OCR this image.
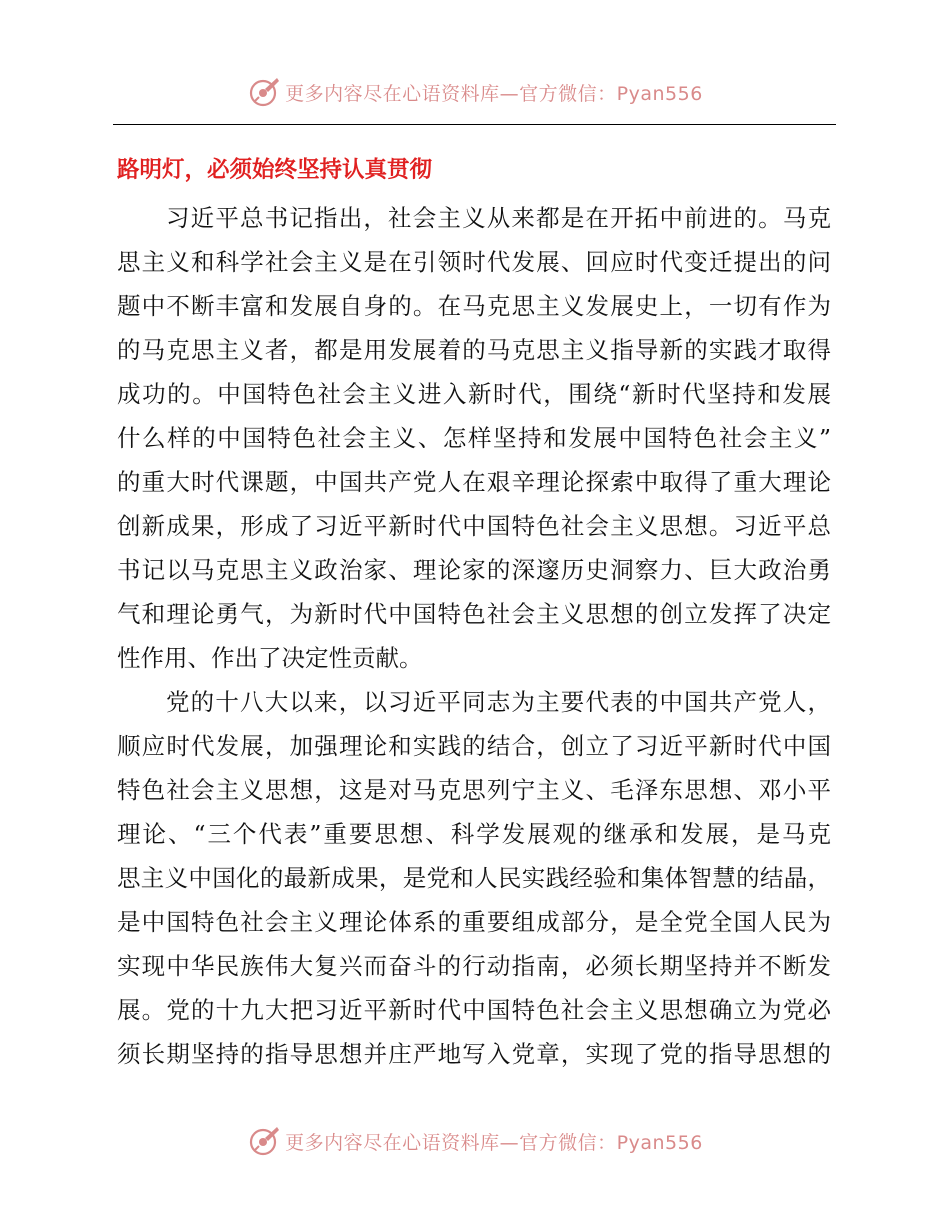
更多内容尽在心语资料库—官方微信：Pyan556
路明灯，必须始终坚持认真贯彻
习近平总书记指出，社会主义从来都是在开拓中前进的。马克
思主义和科学社会主义是在引领时代发展、回应时代变迁提出的问
题中不断丰富和发展自身的。在马克思主义发展史上，一切有作为
的马克思主义者，都是用发展着的马克思主义指导新的实践才取得
成功的。中国特色社会主义进入新时代，围绕“新时代坚持和发展
什么样的中国特色社会主义、怎样坚持和发展中国特色社会主义”
的重大时代课题，中国共产党人在艰辛理论探索中取得了重大理论
创新成果，形成了习近平新时代中国特色社会主义思想。习近平总
书记以马克思主义政治家、理论家的深邃历史洞察力、巨大政治勇
气和理论勇气，为新时代中国特色社会主义思想的创立发挥了决定
性作用、作出了决定性贡献。
党的十八大以来，以习近平同志为主要代表的中国共产党人，
顺应时代发展，加强理论和实践的结合，创立了习近平新时代中国
特色社会主义思想，这是对马克思列宁主义、毛泽东思想、邓小平
理论、“三个代表”重要思想、科学发展观的继承和发展，是马克
思主义中国化的最新成果，是党和人民实践经验和集体智慧的结晶，
是中国特色社会主义理论体系的重要组成部分，是全党全国人民为
实现中华民族伟大复兴而奋斗的行动指南，必须长期坚持并不断发
展。党的十九大把习近平新时代中国特色社会主义思想确立为党必
须长期坚持的指导思想并庄严地写入党章，实现了党的指导思想的
更多内容尽在心语资料库—官方微信：Pyan556
